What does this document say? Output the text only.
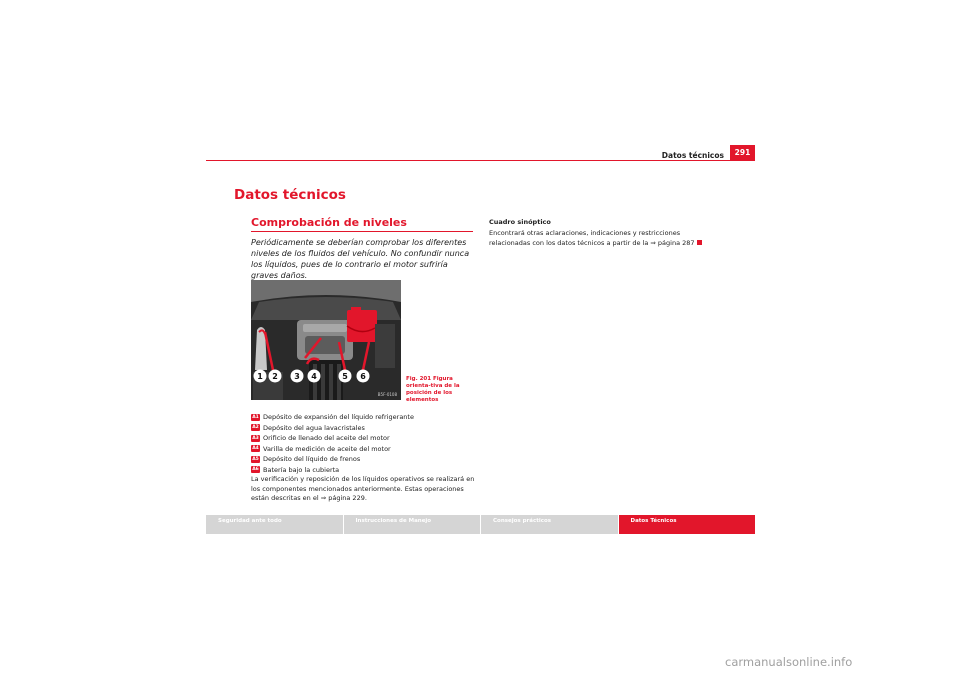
Datos técnicos	291
Datos técnicos
Comprobación de niveles
Periódicamente se deberían comprobar los diferentes niveles de los fluidos del vehículo. No confundir nunca los líquidos, pues de lo contrario el motor sufriría graves daños.
1 2 3 4	5 6
B5F-0108
Fig. 201 Figura orienta-tiva de la posición de los elementos
A1 Depósito de expansión del líquido refrigerante
A2 Depósito del agua lavacristales
A3 Orificio de llenado del aceite del motor
A4 Varilla de medición de aceite del motor
A5 Depósito del líquido de frenos
A6 Batería bajo la cubierta
La verificación y reposición de los líquidos operativos se realizará en los componentes mencionados anteriormente. Estas operaciones están descritas en el ⇒ página 229.
Cuadro sinóptico
Encontrará otras aclaraciones, indicaciones y restricciones relacionadas con los datos técnicos a partir de la ⇒ página 287
Seguridad ante todo	Instrucciones de Manejo	Consejos prácticos	Datos Técnicos
carmanualsonline.info
